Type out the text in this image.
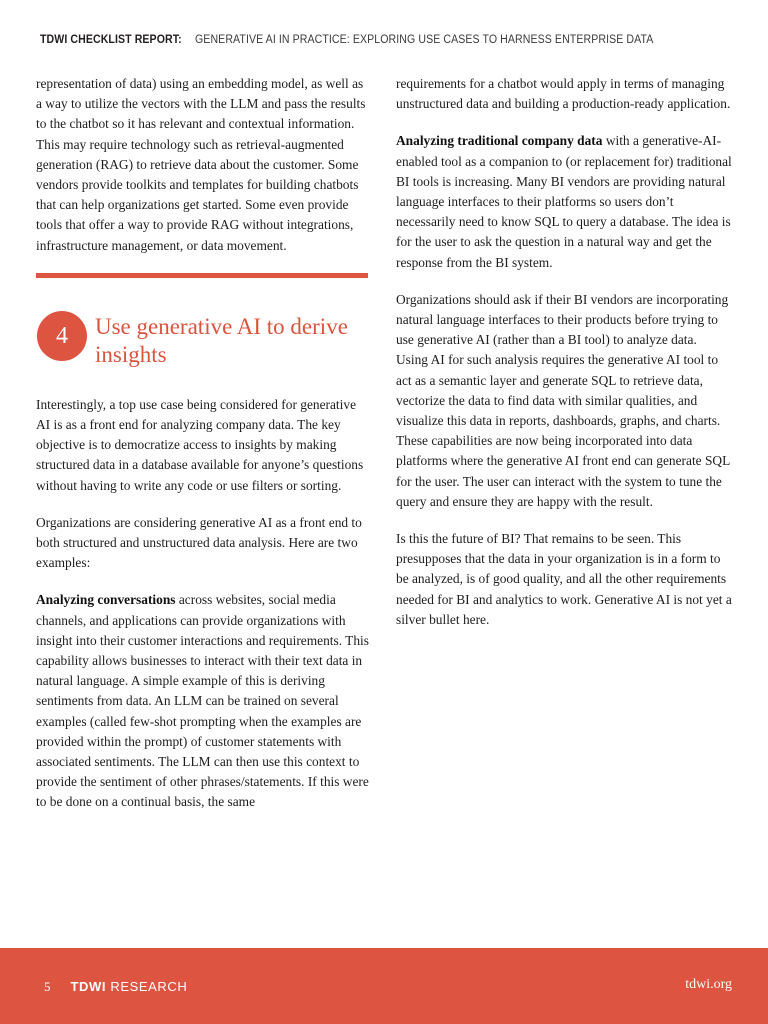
TDWI CHECKLIST REPORT: GENERATIVE AI IN PRACTICE: EXPLORING USE CASES TO HARNESS ENTERPRISE DATA

representation of data) using an embedding model, as well as a way to utilize the vectors with the LLM and pass the results to the chatbot so it has relevant and contextual information. This may require technology such as retrieval-augmented generation (RAG) to retrieve data about the customer. Some vendors provide toolkits and templates for building chatbots that can help organizations get started. Some even provide tools that offer a way to provide RAG without integrations, infrastructure management, or data movement.

4	Use generative AI to derive insights

Interestingly, a top use case being considered for generative AI is as a front end for analyzing company data. The key objective is to democratize access to insights by making structured data in a database available for anyone’s questions without having to write any code or use filters or sorting.

Organizations are considering generative AI as a front end to both structured and unstructured data analysis. Here are two examples:

Analyzing conversations across websites, social media channels, and applications can provide organizations with insight into their customer interactions and requirements. This capability allows businesses to interact with their text data in natural language. A simple example of this is deriving sentiments from data. An LLM can be trained on several examples (called few-shot prompting when the examples are provided within the prompt) of customer statements with associated sentiments. The LLM can then use this context to provide the sentiment of other phrases/statements. If this were to be done on a continual basis, the same

requirements for a chatbot would apply in terms of managing unstructured data and building a production-ready application.

Analyzing traditional company data with a generative-AI-enabled tool as a companion to (or replacement for) traditional BI tools is increasing. Many BI vendors are providing natural language interfaces to their platforms so users don’t necessarily need to know SQL to query a database. The idea is for the user to ask the question in a natural way and get the response from the BI system.

Organizations should ask if their BI vendors are incorporating natural language interfaces to their products before trying to use generative AI (rather than a BI tool) to analyze data. Using AI for such analysis requires the generative AI tool to act as a semantic layer and generate SQL to retrieve data, vectorize the data to find data with similar qualities, and visualize this data in reports, dashboards, graphs, and charts. These capabilities are now being incorporated into data platforms where the generative AI front end can generate SQL for the user. The user can interact with the system to tune the query and ensure they are happy with the result.

Is this the future of BI? That remains to be seen. This presupposes that the data in your organization is in a form to be analyzed, is of good quality, and all the other requirements needed for BI and analytics to work. Generative AI is not yet a silver bullet here.

5 TDWI RESEARCH	tdwi.org
